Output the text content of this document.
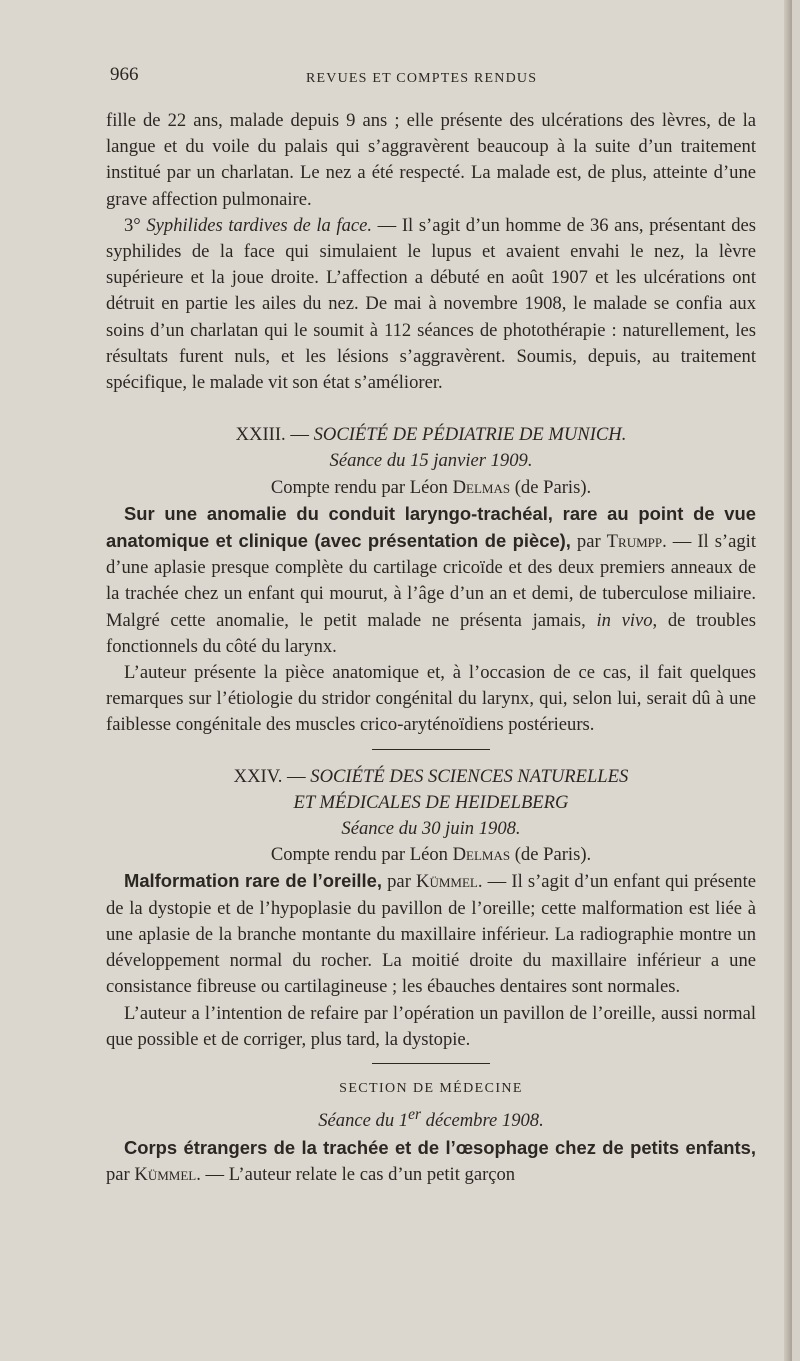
966	REVUES ET COMPTES RENDUS

fille de 22 ans, malade depuis 9 ans ; elle présente des ulcérations des lèvres, de la langue et du voile du palais qui s’aggravèrent beaucoup à la suite d’un traitement institué par un charlatan. Le nez a été respecté. La malade est, de plus, atteinte d’une grave affection pulmonaire.

3° Syphilides tardives de la face. — Il s’agit d’un homme de 36 ans, présentant des syphilides de la face qui simulaient le lupus et avaient envahi le nez, la lèvre supérieure et la joue droite. L’affection a débuté en août 1907 et les ulcérations ont détruit en partie les ailes du nez. De mai à novembre 1908, le malade se confia aux soins d’un charlatan qui le soumit à 112 séances de photothérapie : naturellement, les résultats furent nuls, et les lésions s’aggravèrent. Soumis, depuis, au traitement spécifique, le malade vit son état s’améliorer.

XXIII. — SOCIÉTÉ DE PÉDIATRIE DE MUNICH.
Séance du 15 janvier 1909.
Compte rendu par Léon Delmas (de Paris).

Sur une anomalie du conduit laryngo-trachéal, rare au point de vue anatomique et clinique (avec présentation de pièce), par Trumpp. — Il s’agit d’une aplasie presque complète du cartilage cricoïde et des deux premiers anneaux de la trachée chez un enfant qui mourut, à l’âge d’un an et demi, de tuberculose miliaire. Malgré cette anomalie, le petit malade ne présenta jamais, in vivo, de troubles fonctionnels du côté du larynx.

L’auteur présente la pièce anatomique et, à l’occasion de ce cas, il fait quelques remarques sur l’étiologie du stridor congénital du larynx, qui, selon lui, serait dû à une faiblesse congénitale des muscles crico-aryténoïdiens postérieurs.

XXIV. — SOCIÉTÉ DES SCIENCES NATURELLES
ET MÉDICALES DE HEIDELBERG
Séance du 30 juin 1908.
Compte rendu par Léon Delmas (de Paris).

Malformation rare de l’oreille, par Kümmel. — Il s’agit d’un enfant qui présente de la dystopie et de l’hypoplasie du pavillon de l’oreille; cette malformation est liée à une aplasie de la branche montante du maxillaire inférieur. La radiographie montre un développement normal du rocher. La moitié droite du maxillaire inférieur a une consistance fibreuse ou cartilagineuse ; les ébauches dentaires sont normales.

L’auteur a l’intention de refaire par l’opération un pavillon de l’oreille, aussi normal que possible et de corriger, plus tard, la dystopie.

SECTION DE MÉDECINE
Séance du 1er décembre 1908.

Corps étrangers de la trachée et de l’œsophage chez de petits enfants, par Kümmel. — L’auteur relate le cas d’un petit garçon
